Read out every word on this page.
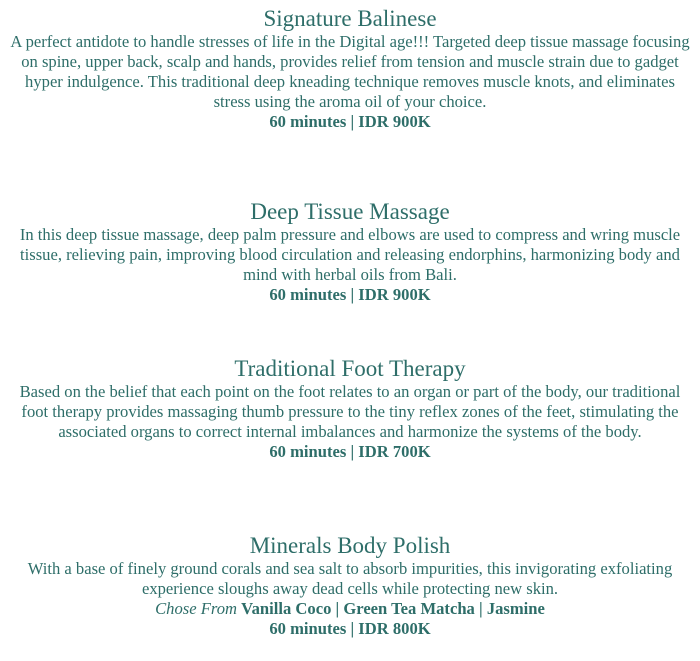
Signature Balinese

A perfect antidote to handle stresses of life in the Digital age!!! Targeted deep tissue massage focusing on spine, upper back, scalp and hands, provides relief from tension and muscle strain due to gadget hyper indulgence. This traditional deep kneading technique removes muscle knots, and eliminates stress using the aroma oil of your choice.

60 minutes | IDR 900K

Deep Tissue Massage

In this deep tissue massage, deep palm pressure and elbows are used to compress and wring muscle tissue, relieving pain, improving blood circulation and releasing endorphins, harmonizing body and mind with herbal oils from Bali.

60 minutes | IDR 900K

Traditional Foot Therapy

Based on the belief that each point on the foot relates to an organ or part of the body, our traditional foot therapy provides massaging thumb pressure to the tiny reflex zones of the feet, stimulating the associated organs to correct internal imbalances and harmonize the systems of the body.

60 minutes | IDR 700K

Minerals Body Polish

With a base of finely ground corals and sea salt to absorb impurities, this invigorating exfoliating experience sloughs away dead cells while protecting new skin.

Chose From Vanilla Coco | Green Tea Matcha | Jasmine

60 minutes | IDR 800K
